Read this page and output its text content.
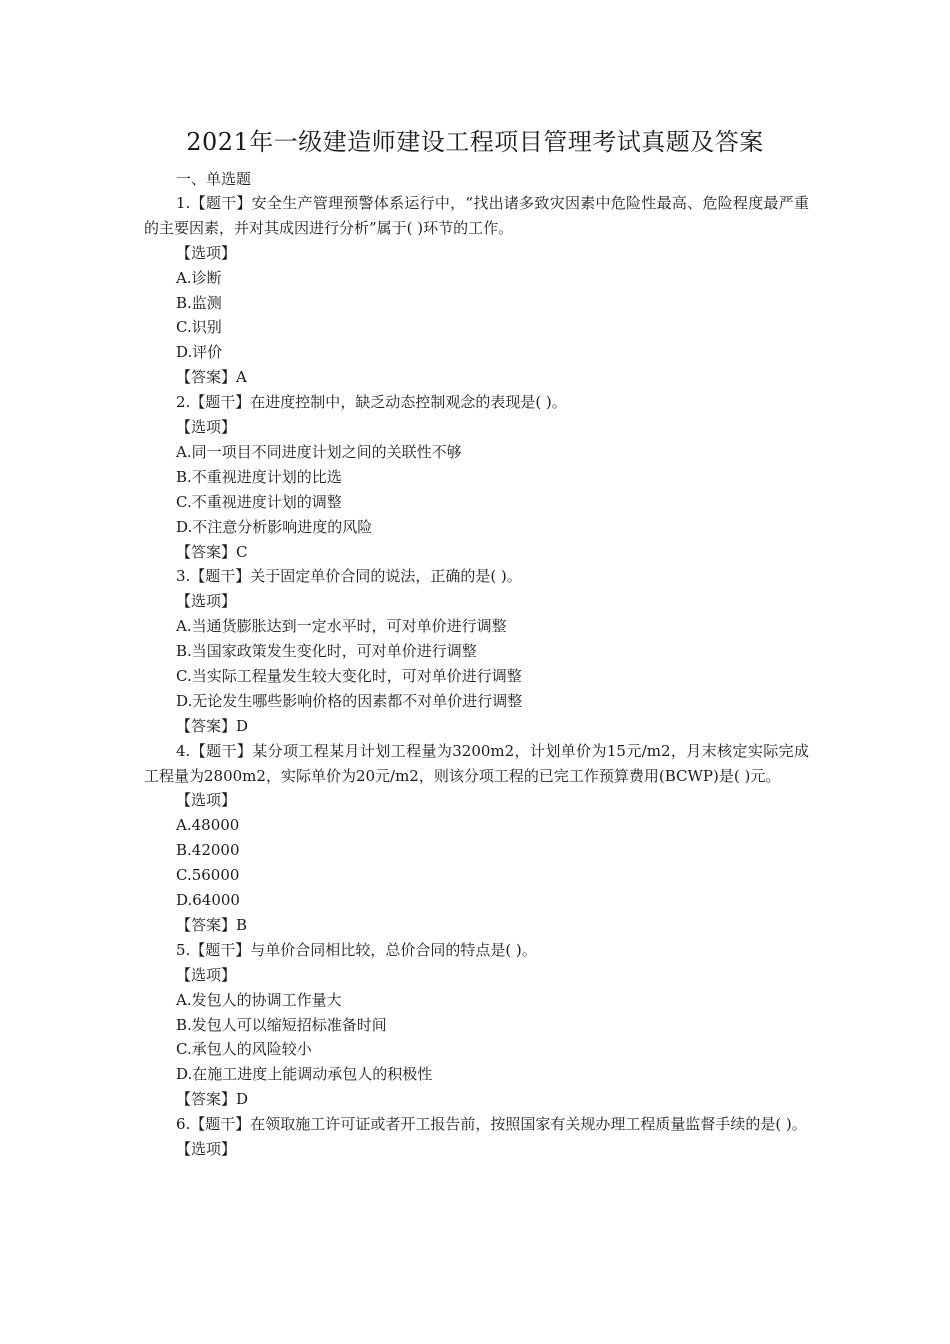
2021年一级建造师建设工程项目管理考试真题及答案
一、单选题
1.【题干】安全生产管理预警体系运行中，“找出诸多致灾因素中危险性最高、危险程度最严重的主要因素，并对其成因进行分析”属于( )环节的工作。
【选项】
A.诊断
B.监测
C.识别
D.评价
【答案】A
2.【题干】在进度控制中，缺乏动态控制观念的表现是( )。
【选项】
A.同一项目不同进度计划之间的关联性不够
B.不重视进度计划的比选
C.不重视进度计划的调整
D.不注意分析影响进度的风险
【答案】C
3.【题干】关于固定单价合同的说法，正确的是( )。
【选项】
A.当通货膨胀达到一定水平时，可对单价进行调整
B.当国家政策发生变化时，可对单价进行调整
C.当实际工程量发生较大变化时，可对单价进行调整
D.无论发生哪些影响价格的因素都不对单价进行调整
【答案】D
4.【题干】某分项工程某月计划工程量为3200m2，计划单价为15元/m2，月末核定实际完成工程量为2800m2，实际单价为20元/m2，则该分项工程的已完工作预算费用(BCWP)是( )元。
【选项】
A.48000
B.42000
C.56000
D.64000
【答案】B
5.【题干】与单价合同相比较，总价合同的特点是( )。
【选项】
A.发包人的协调工作量大
B.发包人可以缩短招标准备时间
C.承包人的风险较小
D.在施工进度上能调动承包人的积极性
【答案】D
6.【题干】在领取施工许可证或者开工报告前，按照国家有关规办理工程质量监督手续的是( )。
【选项】
